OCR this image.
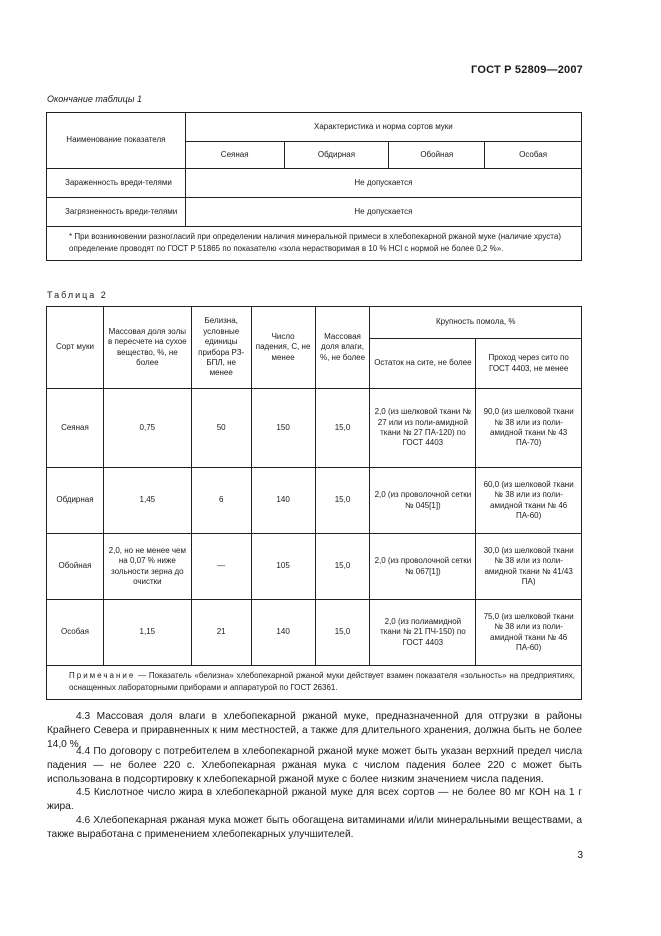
ГОСТ Р 52809—2007
Окончание таблицы 1
Наименование показателя	Характеристика и норма сортов муки			
	Сеяная	Обдирная	Обойная	Особая
Зараженность вреди-телями	Не допускается			
Загрязненность вреди-телями	Не допускается			
* При возникновении разногласий при определении наличия минеральной примеси в хлебопекарной ржаной муке (наличие хруста) определение проводят по ГОСТ Р 51865 по показателю «зола нерастворимая в 10 % HCl с нормой не более 0,2 %».				
Таблица 2
Сорт муки	Массовая доля золы в пересчете на сухое вещество, %, не более	Белизна, условные единицы прибора РЗ-БПЛ, не менее	Число падения, С, не менее	Массовая доля влаги, %, не более	Крупность помола, %	
					Остаток на сите, не более	Проход через сито по ГОСТ 4403, не менее
Сеяная	0,75	50	150	15,0	2,0 (из шелковой ткани № 27 или из поли-амидной ткани № 27 ПА-120) по ГОСТ 4403	90,0 (из шелковой ткани № 38 или из поли-амидной ткани № 43 ПА-70)
Обдирная	1,45	6	140	15,0	2,0 (из проволочной сетки № 045[1])	60,0 (из шелковой ткани № 38 или из поли-амидной ткани № 46 ПА-60)
Обойная	2,0, но не менее чем на 0,07 % ниже зольности зерна до очистки	—	105	15,0	2,0 (из проволочной сетки № 067[1])	30,0 (из шелковой ткани № 38 или из поли-амидной ткани № 41/43 ПА)
Особая	1,15	21	140	15,0	2,0 (из полиамидной ткани № 21 ПЧ-150) по ГОСТ 4403	75,0 (из шелковой ткани № 38 или из поли-амидной ткани № 46 ПА-60)
Примечание — Показатель «белизна» хлебопекарной ржаной муки действует взамен показателя «зольность» на предприятиях, оснащенных лабораторными приборами и аппаратурой по ГОСТ 26361.						
4.3 Массовая доля влаги в хлебопекарной ржаной муке, предназначенной для отгрузки в районы Крайнего Севера и приравненных к ним местностей, а также для длительного хранения, должна быть не более 14,0 %.
4.4 По договору с потребителем в хлебопекарной ржаной муке может быть указан верхний предел числа падения — не более 220 с. Хлебопекарная ржаная мука с числом падения более 220 с может быть использована в подсортировку к хлебопекарной ржаной муке с более низким значением числа падения.
4.5 Кислотное число жира в хлебопекарной ржаной муке для всех сортов — не более 80 мг КОН на 1 г жира.
4.6 Хлебопекарная ржаная мука может быть обогащена витаминами и/или минеральными веществами, а также выработана с применением хлебопекарных улучшителей.
3
